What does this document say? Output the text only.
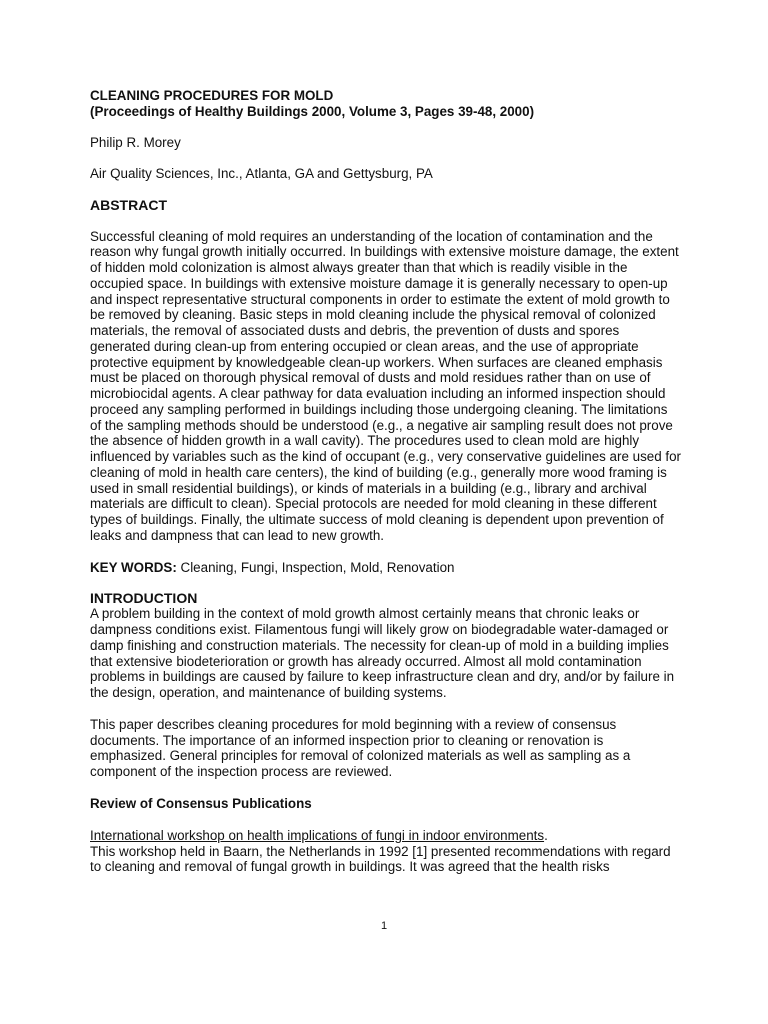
CLEANING PROCEDURES FOR MOLD

(Proceedings of Healthy Buildings 2000, Volume 3, Pages 39-48, 2000)

Philip R. Morey

Air Quality Sciences, Inc., Atlanta, GA and Gettysburg, PA

ABSTRACT

Successful cleaning of mold requires an understanding of the location of contamination and the reason why fungal growth initially occurred. In buildings with extensive moisture damage, the extent of hidden mold colonization is almost always greater than that which is readily visible in the occupied space. In buildings with extensive moisture damage it is generally necessary to open-up and inspect representative structural components in order to estimate the extent of mold growth to be removed by cleaning. Basic steps in mold cleaning include the physical removal of colonized materials, the removal of associated dusts and debris, the prevention of dusts and spores generated during clean-up from entering occupied or clean areas, and the use of appropriate protective equipment by knowledgeable clean-up workers. When surfaces are cleaned emphasis must be placed on thorough physical removal of dusts and mold residues rather than on use of microbiocidal agents. A clear pathway for data evaluation including an informed inspection should proceed any sampling performed in buildings including those undergoing cleaning. The limitations of the sampling methods should be understood (e.g., a negative air sampling result does not prove the absence of hidden growth in a wall cavity). The procedures used to clean mold are highly influenced by variables such as the kind of occupant (e.g., very conservative guidelines are used for cleaning of mold in health care centers), the kind of building (e.g., generally more wood framing is used in small residential buildings), or kinds of materials in a building (e.g., library and archival materials are difficult to clean). Special protocols are needed for mold cleaning in these different types of buildings. Finally, the ultimate success of mold cleaning is dependent upon prevention of leaks and dampness that can lead to new growth.

KEY WORDS: Cleaning, Fungi, Inspection, Mold, Renovation

INTRODUCTION

A problem building in the context of mold growth almost certainly means that chronic leaks or dampness conditions exist. Filamentous fungi will likely grow on biodegradable water-damaged or damp finishing and construction materials. The necessity for clean-up of mold in a building implies that extensive biodeterioration or growth has already occurred. Almost all mold contamination problems in buildings are caused by failure to keep infrastructure clean and dry, and/or by failure in the design, operation, and maintenance of building systems.

This paper describes cleaning procedures for mold beginning with a review of consensus documents. The importance of an informed inspection prior to cleaning or renovation is emphasized. General principles for removal of colonized materials as well as sampling as a component of the inspection process are reviewed.

Review of Consensus Publications

International workshop on health implications of fungi in indoor environments.

This workshop held in Baarn, the Netherlands in 1992 [1] presented recommendations with regard to cleaning and removal of fungal growth in buildings. It was agreed that the health risks

1
